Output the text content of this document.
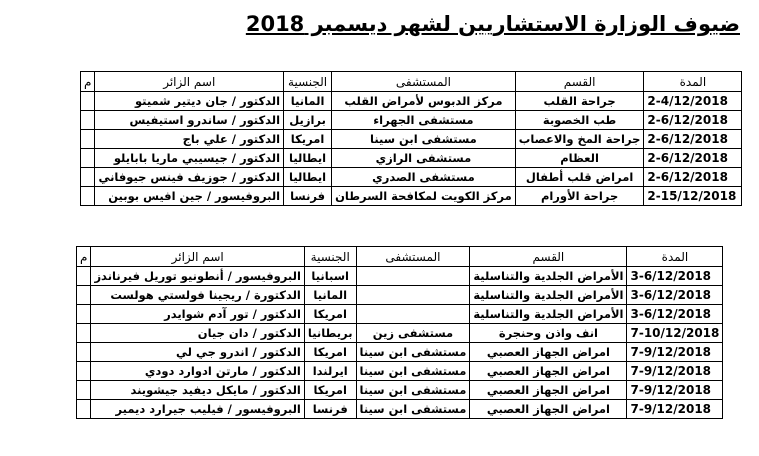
ضيوف الوزارة الاستشاريين لشهر ديسمبر 2018
م	اسم الزائر	الجنسية	المستشفى	القسم	المدة
	الدكتور / جان ديتير شميتو	المانيا	مركز الدبوس لأمراض القلب	جراحة القلب	2-4/12/2018
	الدكتور / ساندرو استيفيس	برازيل	مستشفى الجهراء	طب الخصوبة	2-6/12/2018
	الدكتور / علي باج	امريكا	مستشفى ابن سينا	جراحة المخ والاعصاب	2-6/12/2018
	الدكتور / جيسيبي ماريا بابايلو	ايطاليا	مستشفى الرازي	العظام	2-6/12/2018
	الدكتور / جوزيف فينس جيوفاني	ايطاليا	مستشفى الصدري	امراض قلب أطفال	2-6/12/2018
	البروفيسور / جين افيس بوبين	فرنسا	مركز الكويت لمكافحة السرطان	جراحة الأورام	2-15/12/2018
م	اسم الزائر	الجنسية	المستشفى	القسم	المدة
	البروفيسور / أنطونيو توريل فيرناندز	اسبانيا		الأمراض الجلدية والتناسلية	3-6/12/2018
	الدكتورة / ريجينا فولستي هولست	المانيا		الأمراض الجلدية والتناسلية	3-6/12/2018
	الدكتور / تور آدم شوايدر	امريكا		الأمراض الجلدية والتناسلية	3-6/12/2018
	الدكتور / دان جيان	بريطانيا	مستشفى زين	انف واذن وحنجرة	7-10/12/2018
	الدكتور / اندرو جي لي	امريكا	مستشفى ابن سينا	امراض الجهاز العصبي	7-9/12/2018
	الدكتور / مارتن ادوارد دودي	ايرلندا	مستشفى ابن سينا	امراض الجهاز العصبي	7-9/12/2018
	الدكتور / مايكل ديفيد جيشويند	امريكا	مستشفى ابن سينا	امراض الجهاز العصبي	7-9/12/2018
	البروفيسور / فيليب جيرارد ديمير	فرنسا	مستشفى ابن سينا	امراض الجهاز العصبي	7-9/12/2018
